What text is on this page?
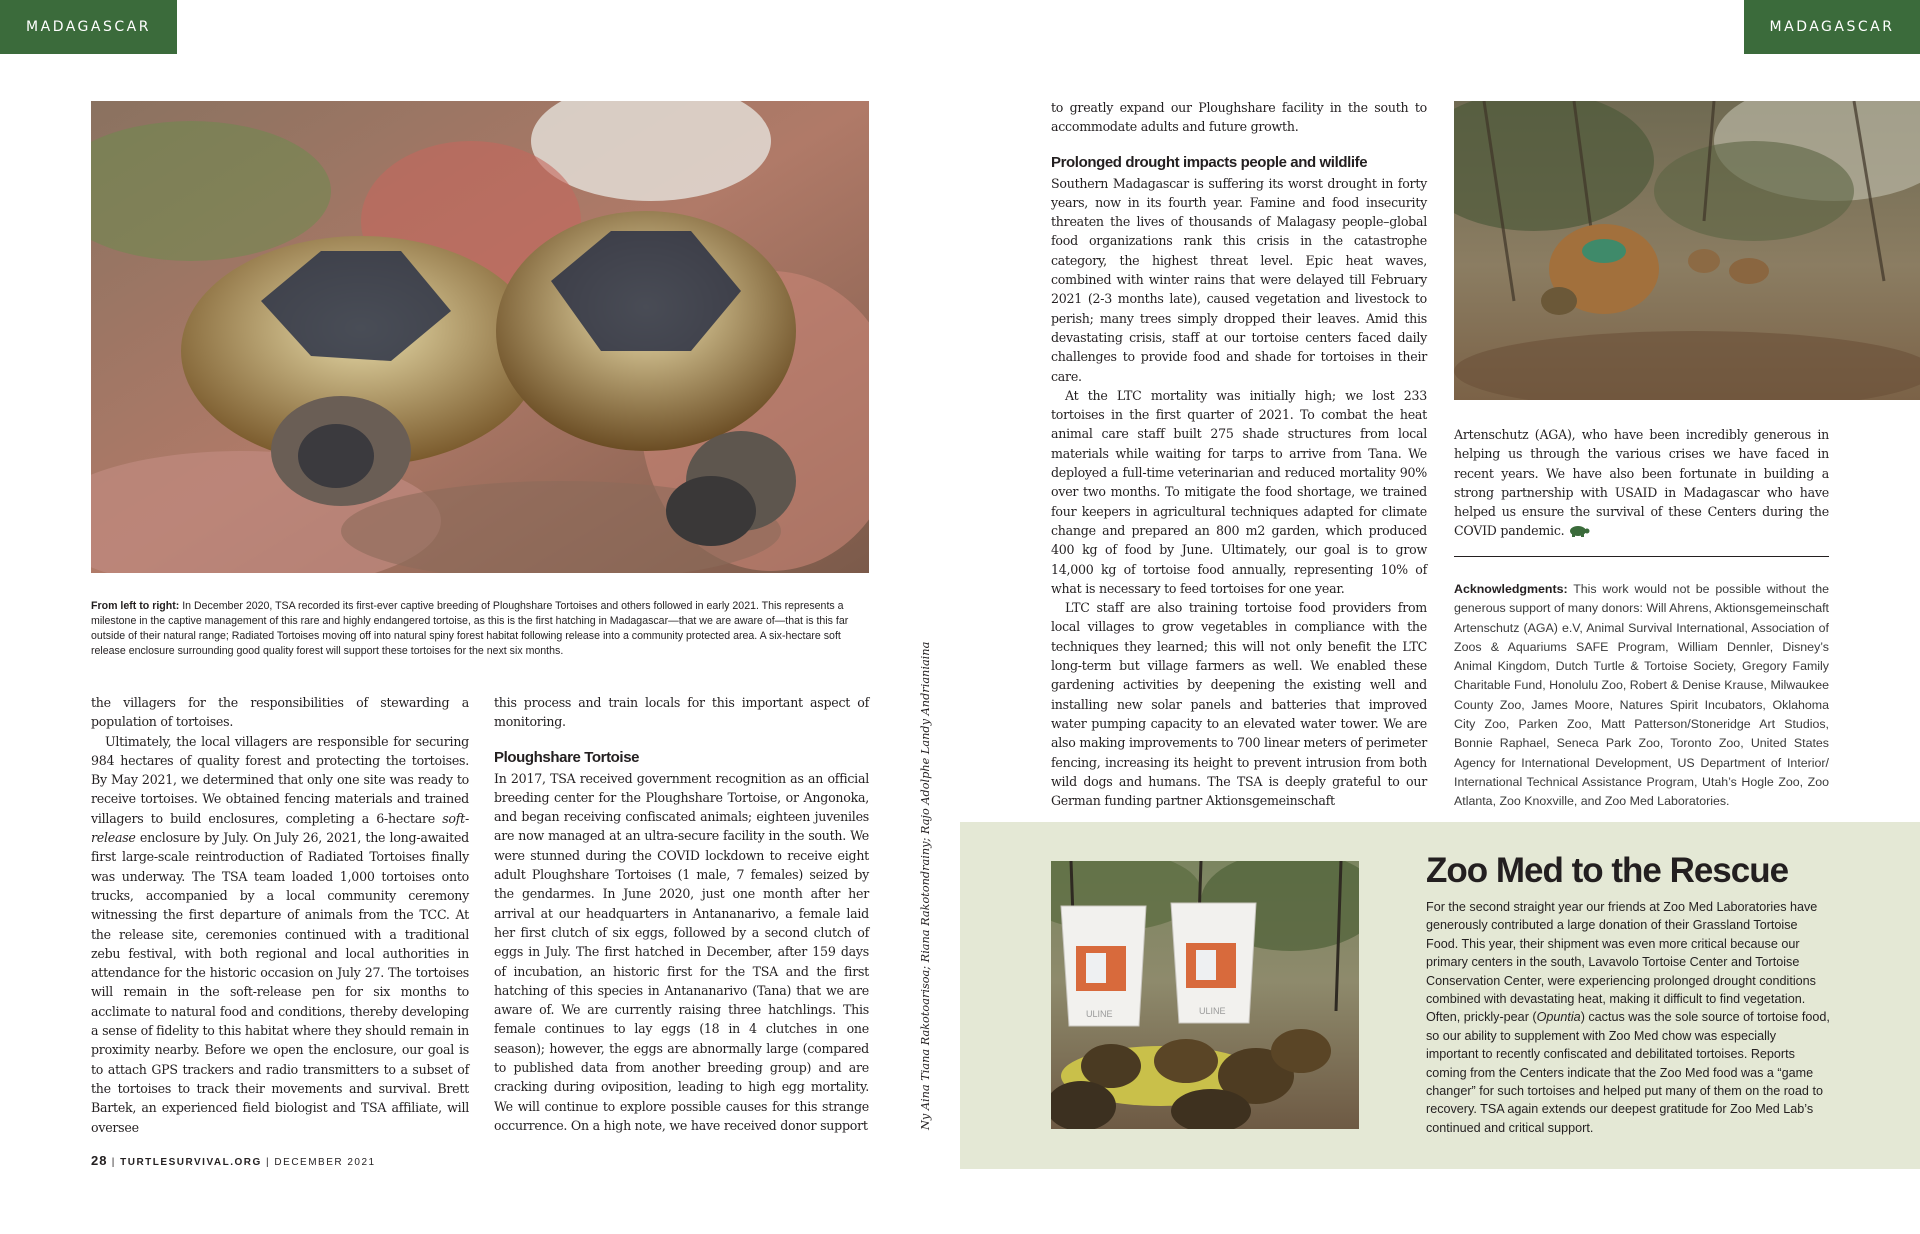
MADAGASCAR	MADAGASCAR
From left to right: In December 2020, TSA recorded its first-ever captive breeding of Ploughshare Tortoises and others followed in early 2021. This represents a milestone in the captive management of this rare and highly endangered tortoise, as this is the first hatching in Madagascar—that we are aware of—that is this far outside of their natural range; Radiated Tortoises moving off into natural spiny forest habitat following release into a community protected area. A six-hectare soft release enclosure surrounding good quality forest will support these tortoises for the next six months.	Ny Aina Tiana Rakotoarisoa; Riana Rakotondrainy; Rajo Adolphe Landy Andrianiaina

the villagers for the responsibilities of stewarding a population of tortoises.

Ultimately, the local villagers are responsible for securing 984 hectares of quality forest and protecting the tortoises. By May 2021, we determined that only one site was ready to receive tortoises. We obtained fencing materials and trained villagers to build enclosures, completing a 6-hectare soft-release enclosure by July. On July 26, 2021, the long-awaited first large-scale reintroduction of Radiated Tortoises finally was underway. The TSA team loaded 1,000 tortoises onto trucks, accompanied by a local community ceremony witnessing the first departure of animals from the TCC. At the release site, ceremonies continued with a traditional zebu festival, with both regional and local authorities in attendance for the historic occasion on July 27. The tortoises will remain in the soft-release pen for six months to acclimate to natural food and conditions, thereby developing a sense of fidelity to this habitat where they should remain in proximity nearby. Before we open the enclosure, our goal is to attach GPS trackers and radio transmitters to a subset of the tortoises to track their movements and survival. Brett Bartek, an experienced field biologist and TSA affiliate, will oversee

this process and train locals for this important aspect of monitoring.

Ploughshare Tortoise

In 2017, TSA received government recognition as an official breeding center for the Ploughshare Tortoise, or Angonoka, and began receiving confiscated animals; eighteen juveniles are now managed at an ultra-secure facility in the south. We were stunned during the COVID lockdown to receive eight adult Ploughshare Tortoises (1 male, 7 females) seized by the gendarmes. In June 2020, just one month after her arrival at our headquarters in Antananarivo, a female laid her first clutch of six eggs, followed by a second clutch of eggs in July. The first hatched in December, after 159 days of incubation, an historic first for the TSA and the first hatching of this species in Antananarivo (Tana) that we are aware of. We are currently raising three hatchlings. This female continues to lay eggs (18 in 4 clutches in one season); however, the eggs are abnormally large (compared to published data from another breeding group) and are cracking during oviposition, leading to high egg mortality. We will continue to explore possible causes for this strange occurrence. On a high note, we have received donor support

to greatly expand our Ploughshare facility in the south to accommodate adults and future growth.

Prolonged drought impacts people and wildlife

Southern Madagascar is suffering its worst drought in forty years, now in its fourth year. Famine and food insecurity threaten the lives of thousands of Malagasy people–global food organizations rank this crisis in the catastrophe category, the highest threat level. Epic heat waves, combined with winter rains that were delayed till February 2021 (2-3 months late), caused vegetation and livestock to perish; many trees simply dropped their leaves. Amid this devastating crisis, staff at our tortoise centers faced daily challenges to provide food and shade for tortoises in their care.

At the LTC mortality was initially high; we lost 233 tortoises in the first quarter of 2021. To combat the heat animal care staff built 275 shade structures from local materials while waiting for tarps to arrive from Tana. We deployed a full-time veterinarian and reduced mortality 90% over two months. To mitigate the food shortage, we trained four keepers in agricultural techniques adapted for climate change and prepared an 800 m2 garden, which produced 400 kg of food by June. Ultimately, our goal is to grow 14,000 kg of tortoise food annually, representing 10% of what is necessary to feed tortoises for one year.

LTC staff are also training tortoise food providers from local villages to grow vegetables in compliance with the techniques they learned; this will not only benefit the LTC long-term but village farmers as well. We enabled these gardening activities by deepening the existing well and installing new solar panels and batteries that improved water pumping capacity to an elevated water tower. We are also making improvements to 700 linear meters of perimeter fencing, increasing its height to prevent intrusion from both wild dogs and humans. The TSA is deeply grateful to our German funding partner Aktionsgemeinschaft

Artenschutz (AGA), who have been incredibly generous in helping us through the various crises we have faced in recent years. We have also been fortunate in building a strong partnership with USAID in Madagascar who have helped us ensure the survival of these Centers during the COVID pandemic.

Acknowledgments: This work would not be possible without the generous support of many donors: Will Ahrens, Aktionsgemeinschaft Artenschutz (AGA) e.V, Animal Survival International, Association of Zoos & Aquariums SAFE Program, William Dennler, Disney’s Animal Kingdom, Dutch Turtle & Tortoise Society, Gregory Family Charitable Fund, Honolulu Zoo, Robert & Denise Krause, Milwaukee County Zoo, James Moore, Natures Spirit Incubators, Oklahoma City Zoo, Parken Zoo, Matt Patterson/Stoneridge Art Studios, Bonnie Raphael, Seneca Park Zoo, Toronto Zoo, United States Agency for International Development, US Department of Interior/ International Technical Assistance Program, Utah’s Hogle Zoo, Zoo Atlanta, Zoo Knoxville, and Zoo Med Laboratories.
ULINE	ULINE
Zoo Med to the Rescue
For the second straight year our friends at Zoo Med Laboratories have generously contributed a large donation of their Grassland Tortoise Food. This year, their shipment was even more critical because our primary centers in the south, Lavavolo Tortoise Center and Tortoise Conservation Center, were experiencing prolonged drought conditions combined with devastating heat, making it difficult to find vegetation. Often, prickly-pear (Opuntia) cactus was the sole source of tortoise food, so our ability to supplement with Zoo Med chow was especially important to recently confiscated and debilitated tortoises. Reports coming from the Centers indicate that the Zoo Med food was a “game changer” for such tortoises and helped put many of them on the road to recovery. TSA again extends our deepest gratitude for Zoo Med Lab’s continued and critical support.
28 | TURTLESURVIVAL.ORG | DECEMBER 2021
